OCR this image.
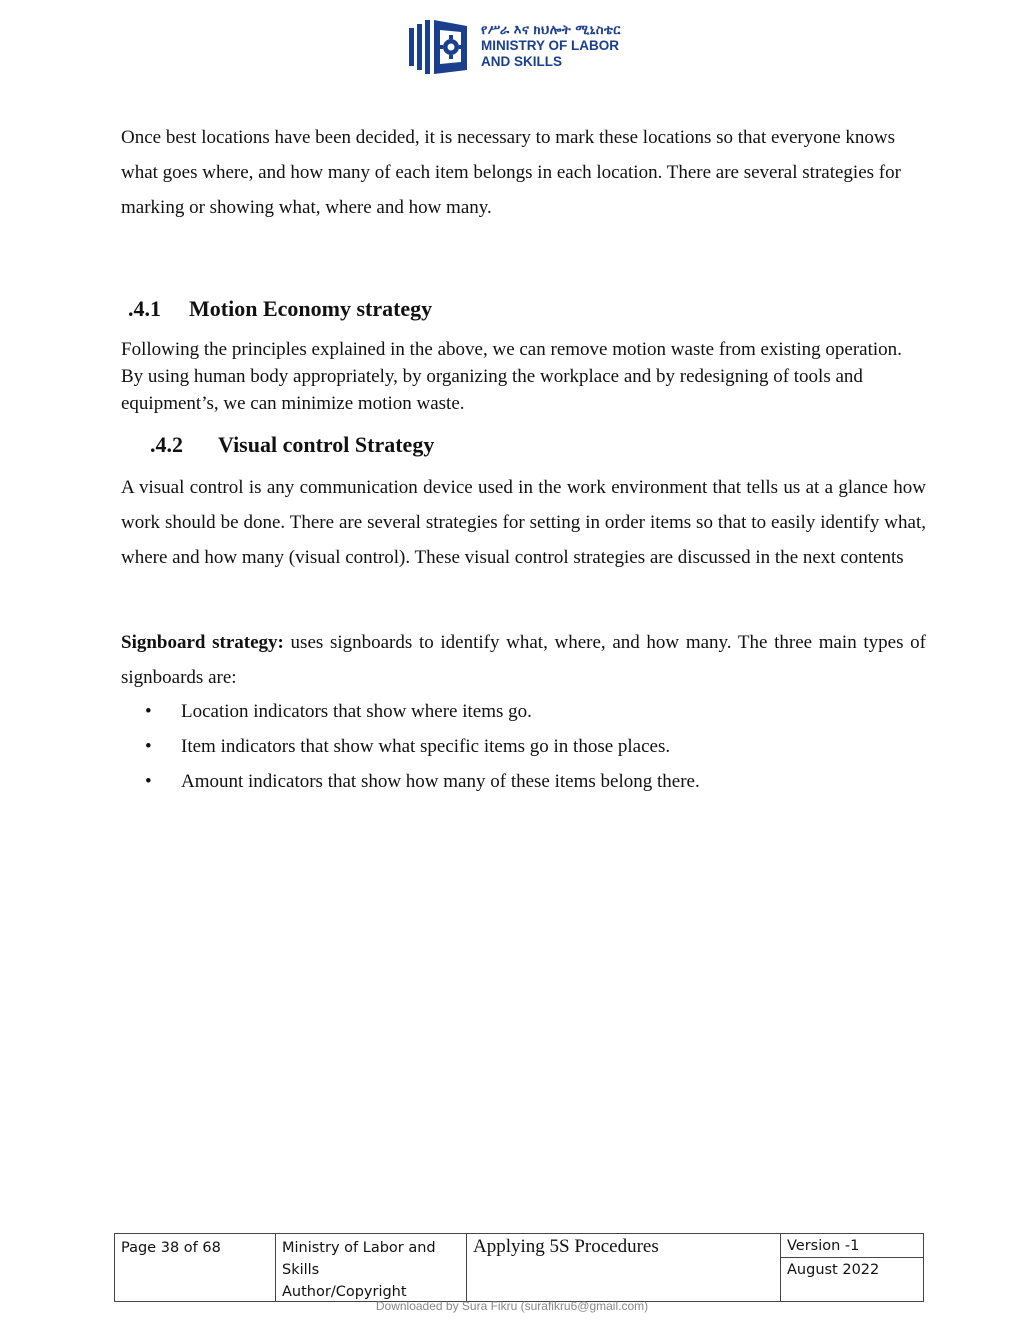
የሥራ እና ክህሎት ሚኒስቴር
MINISTRY OF LABOR
AND SKILLS

Once best locations have been decided, it is necessary to mark these locations so that everyone knows what goes where, and how many of each item belongs in each location. There are several strategies for marking or showing what, where and how many.

.4.1 Motion Economy strategy

Following the principles explained in the above, we can remove motion waste from existing operation. By using human body appropriately, by organizing the workplace and by redesigning of tools and equipment’s, we can minimize motion waste.

.4.2 Visual control Strategy

A visual control is any communication device used in the work environment that tells us at a glance how work should be done. There are several strategies for setting in order items so that to easily identify what, where and how many (visual control). These visual control strategies are discussed in the next contents

Signboard strategy: uses signboards to identify what, where, and how many. The three main types of signboards are:

• Location indicators that show where items go.
• Item indicators that show what specific items go in those places.
• Amount indicators that show how many of these items belong there.
Page 38 of 68	Ministry of Labor and
Skills
Author/Copyright
Applying 5S Procedures	Version -1
August 2022
Downloaded by Sura Fikru (surafikru6@gmail.com)
